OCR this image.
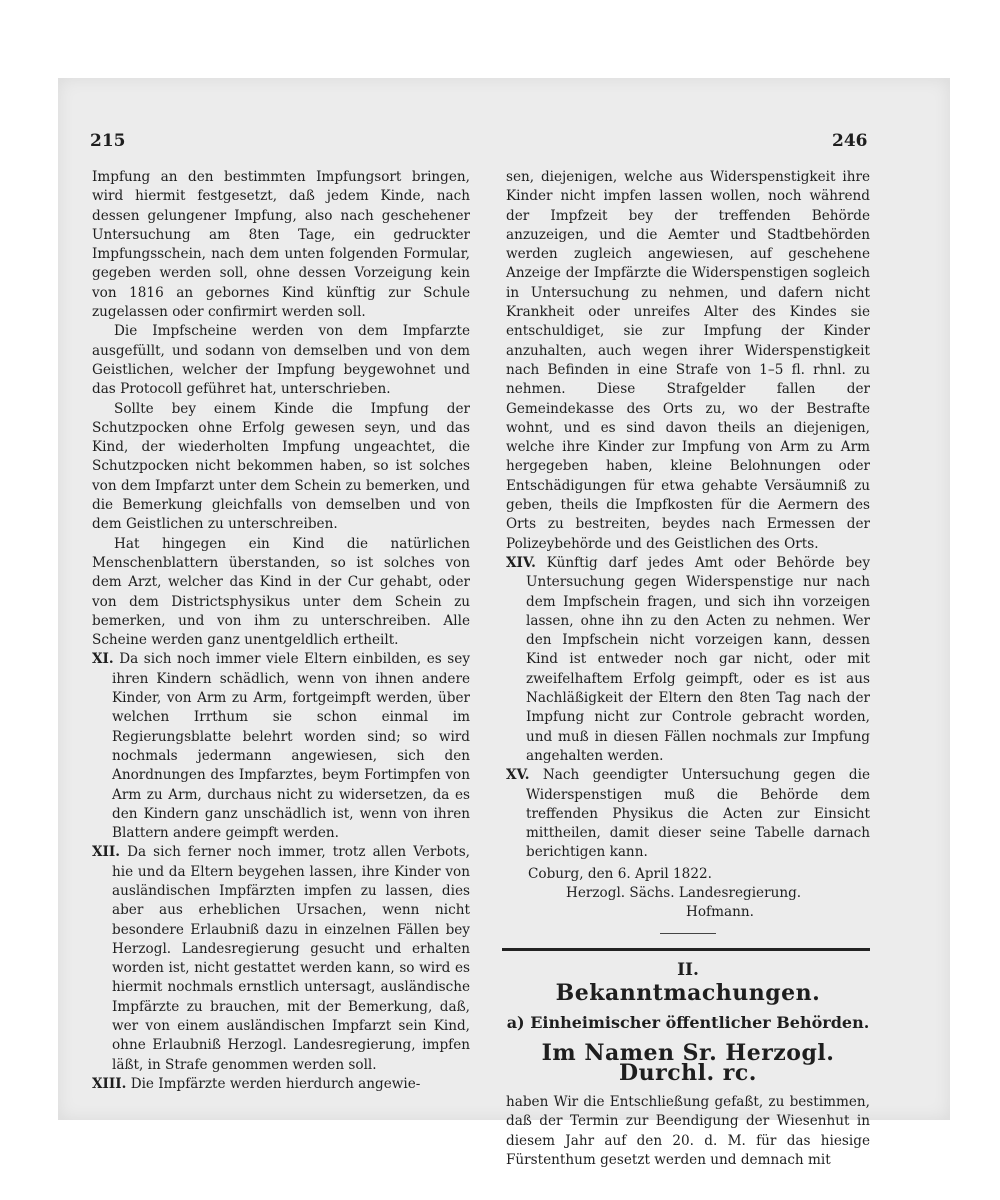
215	246

Impfung an den bestimmten Impfungsort bringen, wird hiermit festgesetzt, daß jedem Kinde, nach dessen gelungener Impfung, also nach geschehener Untersuchung am 8ten Tage, ein gedruckter Impfungsschein, nach dem unten folgenden Formular, gegeben werden soll, ohne dessen Vorzeigung kein von 1816 an gebornes Kind künftig zur Schule zugelassen oder confirmirt werden soll.

Die Impfscheine werden von dem Impfarzte ausgefüllt, und sodann von demselben und von dem Geistlichen, welcher der Impfung beygewohnet und das Protocoll geführet hat, unterschrieben.

Sollte bey einem Kinde die Impfung der Schutzpocken ohne Erfolg gewesen seyn, und das Kind, der wiederholten Impfung ungeachtet, die Schutzpocken nicht bekommen haben, so ist solches von dem Impfarzt unter dem Schein zu bemerken, und die Bemerkung gleichfalls von demselben und von dem Geistlichen zu unterschreiben.

Hat hingegen ein Kind die natürlichen Menschenblattern überstanden, so ist solches von dem Arzt, welcher das Kind in der Cur gehabt, oder von dem Districtsphysikus unter dem Schein zu bemerken, und von ihm zu unterschreiben. Alle Scheine werden ganz unentgeldlich ertheilt.

XI. Da sich noch immer viele Eltern einbilden, es sey ihren Kindern schädlich, wenn von ihnen andere Kinder, von Arm zu Arm, fortgeimpft werden, über welchen Irrthum sie schon einmal im Regierungsblatte belehrt worden sind; so wird nochmals jedermann angewiesen, sich den Anordnungen des Impfarztes, beym Fortimpfen von Arm zu Arm, durchaus nicht zu widersetzen, da es den Kindern ganz unschädlich ist, wenn von ihren Blattern andere geimpft werden.

XII. Da sich ferner noch immer, trotz allen Verbots, hie und da Eltern beygehen lassen, ihre Kinder von ausländischen Impfärzten impfen zu lassen, dies aber aus erheblichen Ursachen, wenn nicht besondere Erlaubniß dazu in einzelnen Fällen bey Herzogl. Landesregierung gesucht und erhalten worden ist, nicht gestattet werden kann, so wird es hiermit nochmals ernstlich untersagt, ausländische Impfärzte zu brauchen, mit der Bemerkung, daß, wer von einem ausländischen Impfarzt sein Kind, ohne Erlaubniß Herzogl. Landesregierung, impfen läßt, in Strafe genommen werden soll.

XIII. Die Impfärzte werden hierdurch angewie-

sen, diejenigen, welche aus Widerspenstigkeit ihre Kinder nicht impfen lassen wollen, noch während der Impfzeit bey der treffenden Behörde anzuzeigen, und die Aemter und Stadtbehörden werden zugleich angewiesen, auf geschehene Anzeige der Impfärzte die Widerspenstigen sogleich in Untersuchung zu nehmen, und dafern nicht Krankheit oder unreifes Alter des Kindes sie entschuldiget, sie zur Impfung der Kinder anzuhalten, auch wegen ihrer Widerspenstigkeit nach Befinden in eine Strafe von 1–5 fl. rhnl. zu nehmen. Diese Strafgelder fallen der Gemeindekasse des Orts zu, wo der Bestrafte wohnt, und es sind davon theils an diejenigen, welche ihre Kinder zur Impfung von Arm zu Arm hergegeben haben, kleine Belohnungen oder Entschädigungen für etwa gehabte Versäumniß zu geben, theils die Impfkosten für die Aermern des Orts zu bestreiten, beydes nach Ermessen der Polizeybehörde und des Geistlichen des Orts.

XIV. Künftig darf jedes Amt oder Behörde bey Untersuchung gegen Widerspenstige nur nach dem Impfschein fragen, und sich ihn vorzeigen lassen, ohne ihn zu den Acten zu nehmen. Wer den Impfschein nicht vorzeigen kann, dessen Kind ist entweder noch gar nicht, oder mit zweifelhaftem Erfolg geimpft, oder es ist aus Nachläßigkeit der Eltern den 8ten Tag nach der Impfung nicht zur Controle gebracht worden, und muß in diesen Fällen nochmals zur Impfung angehalten werden.

XV. Nach geendigter Untersuchung gegen die Widerspenstigen muß die Behörde dem treffenden Physikus die Acten zur Einsicht mittheilen, damit dieser seine Tabelle darnach berichtigen kann.

Coburg, den 6. April 1822.

Herzogl. Sächs. Landesregierung.

Hofmann.

II.
Bekanntmachungen.
a) Einheimischer öffentlicher Behörden.
Im Namen Sr. Herzogl. Durchl. rc.

haben Wir die Entschließung gefaßt, zu bestimmen, daß der Termin zur Beendigung der Wiesenhut in diesem Jahr auf den 20. d. M. für das hiesige Fürstenthum gesetzt werden und demnach mit
